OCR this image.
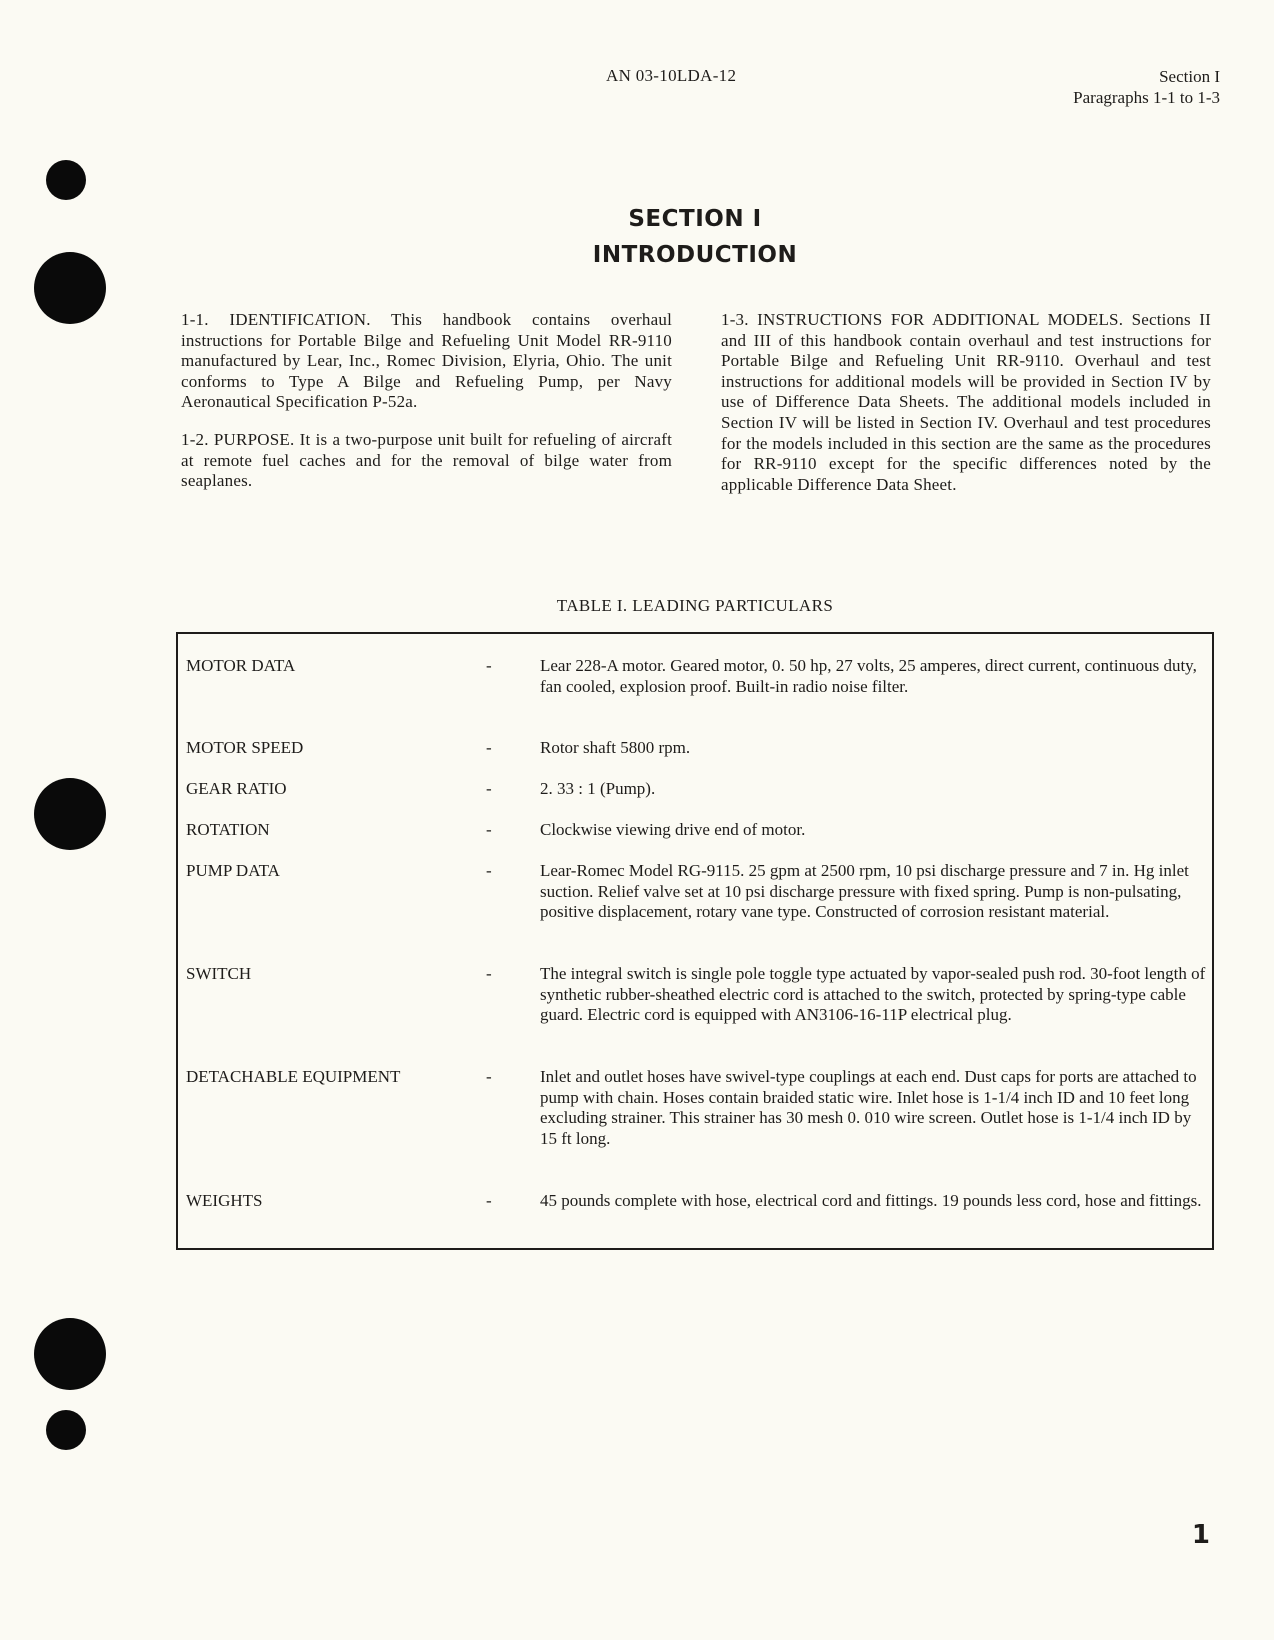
AN 03-10LDA-12	Section I
Paragraphs 1-1 to 1-3
SECTION I
INTRODUCTION

1-1. IDENTIFICATION. This handbook contains overhaul instructions for Portable Bilge and Refueling Unit Model RR-9110 manufactured by Lear, Inc., Romec Division, Elyria, Ohio. The unit conforms to Type A Bilge and Refueling Pump, per Navy Aeronautical Specification P-52a.

1-2. PURPOSE. It is a two-purpose unit built for refueling of aircraft at remote fuel caches and for the removal of bilge water from seaplanes.

1-3. INSTRUCTIONS FOR ADDITIONAL MODELS. Sections II and III of this handbook contain overhaul and test instructions for Portable Bilge and Refueling Unit RR-9110. Overhaul and test instructions for additional models will be provided in Section IV by use of Difference Data Sheets. The additional models included in Section IV will be listed in Section IV. Overhaul and test procedures for the models included in this section are the same as the procedures for RR-9110 except for the specific differences noted by the applicable Difference Data Sheet.

TABLE I. LEADING PARTICULARS
MOTOR DATA	-	Lear 228-A motor. Geared motor, 0. 50 hp, 27 volts, 25 amperes, direct current, continuous duty, fan cooled, explosion proof. Built-in radio noise filter.
MOTOR SPEED	-	Rotor shaft 5800 rpm.
GEAR RATIO	-	2. 33 : 1 (Pump).
ROTATION	-	Clockwise viewing drive end of motor.
PUMP DATA	-	Lear-Romec Model RG-9115. 25 gpm at 2500 rpm, 10 psi discharge pressure and 7 in. Hg inlet suction. Relief valve set at 10 psi discharge pressure with fixed spring. Pump is non-pulsating, positive displacement, rotary vane type. Constructed of corrosion resistant material.
SWITCH	-	The integral switch is single pole toggle type actuated by vapor-sealed push rod. 30-foot length of synthetic rubber-sheathed electric cord is attached to the switch, protected by spring-type cable guard. Electric cord is equipped with AN3106-16-11P electrical plug.
DETACHABLE EQUIPMENT	-	Inlet and outlet hoses have swivel-type couplings at each end. Dust caps for ports are attached to pump with chain. Hoses contain braided static wire. Inlet hose is 1-1/4 inch ID and 10 feet long excluding strainer. This strainer has 30 mesh 0. 010 wire screen. Outlet hose is 1-1/4 inch ID by 15 ft long.
WEIGHTS	-	45 pounds complete with hose, electrical cord and fittings. 19 pounds less cord, hose and fittings.
1
